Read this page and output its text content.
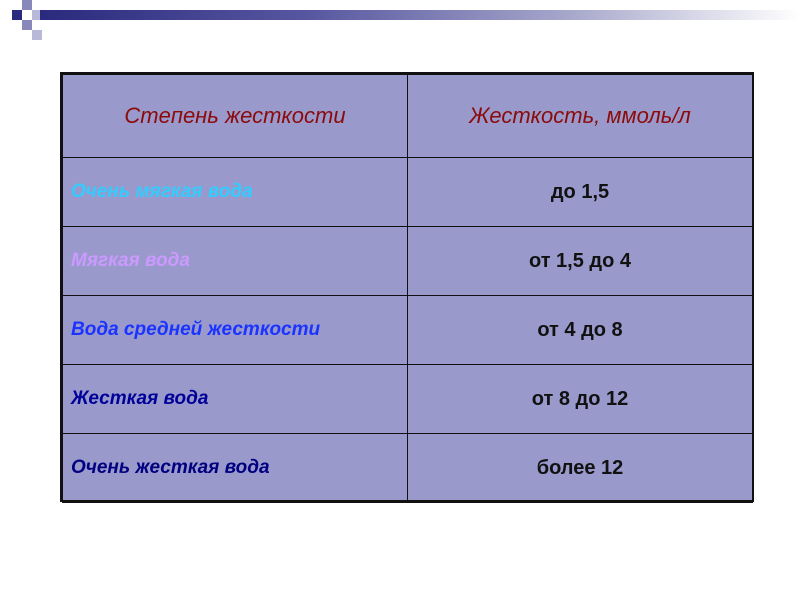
Степень жесткости	Жесткость, ммоль/л
Очень мягкая вода	до 1,5
Мягкая вода	от 1,5 до 4
Вода средней жесткости	от 4 до 8
Жесткая вода	от 8 до 12
Очень жесткая вода	более 12
